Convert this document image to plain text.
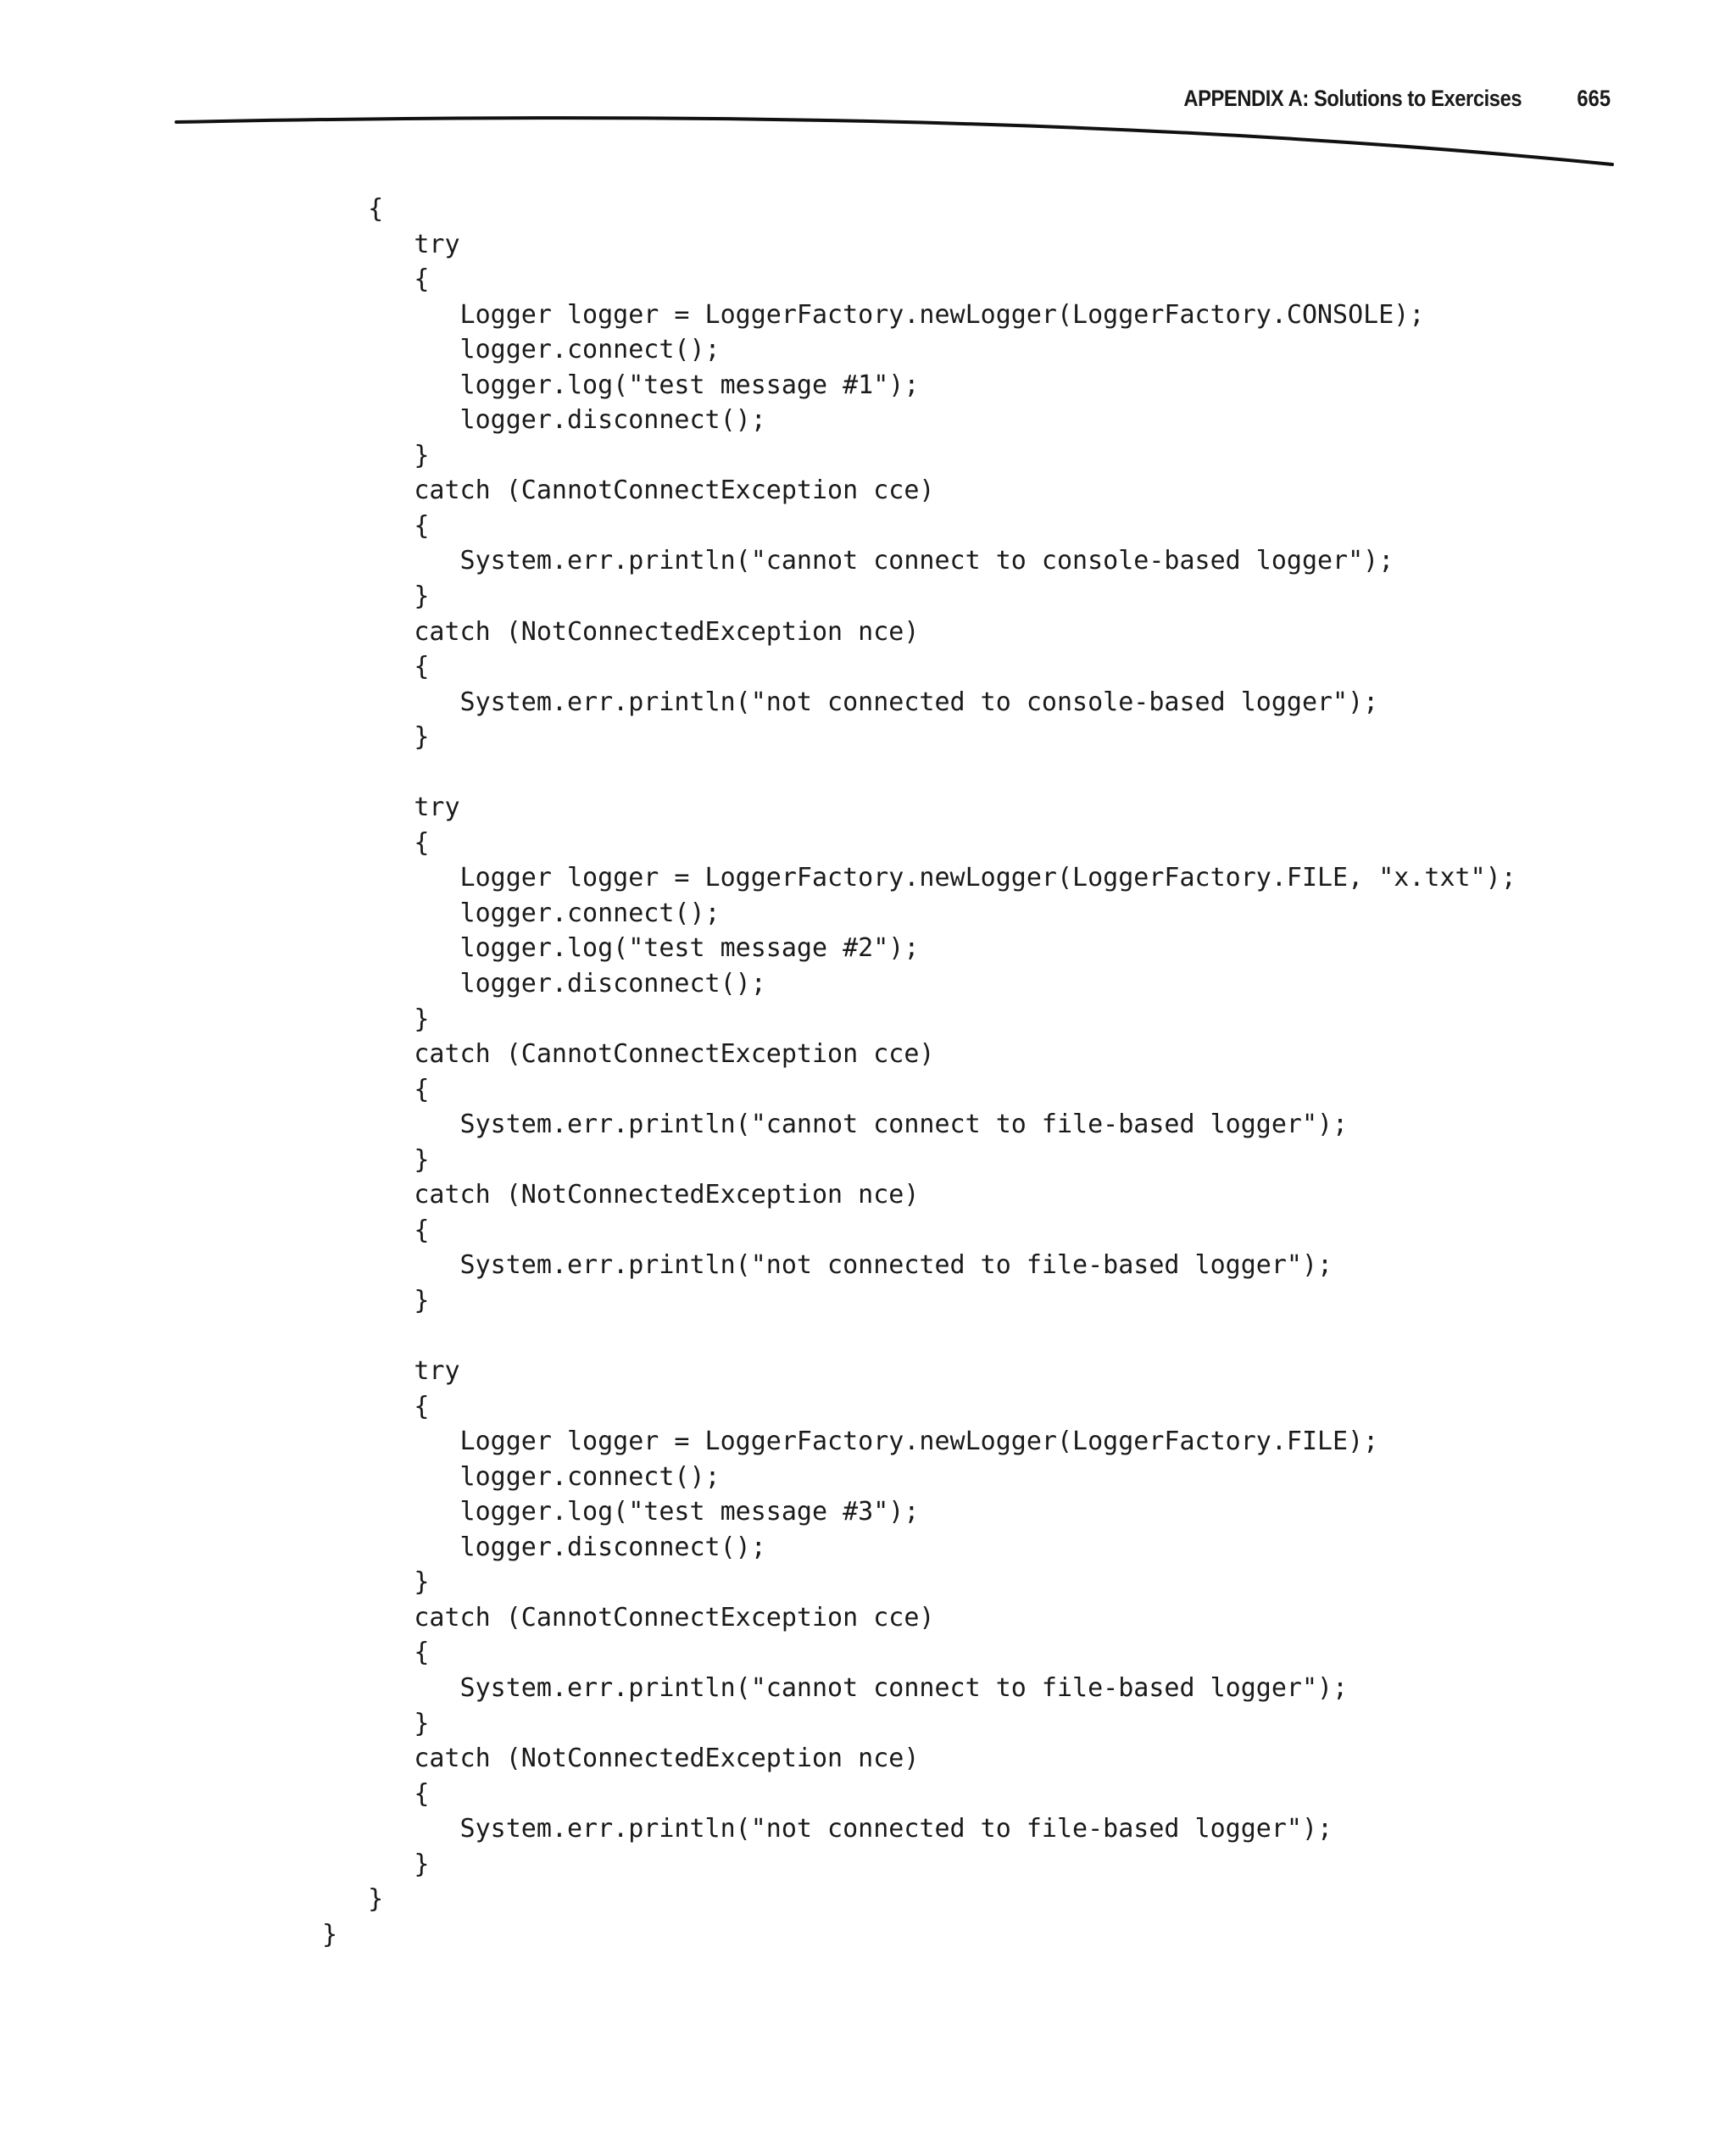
APPENDIX A: Solutions to Exercises 665
{
try
{
Logger logger = LoggerFactory.newLogger(LoggerFactory.CONSOLE);
logger.connect();
logger.log("test message #1");
logger.disconnect();
}
catch (CannotConnectException cce)
{
System.err.println("cannot connect to console-based logger");
}
catch (NotConnectedException nce)
{
System.err.println("not connected to console-based logger");
}
try
{
Logger logger = LoggerFactory.newLogger(LoggerFactory.FILE, "x.txt");
logger.connect();
logger.log("test message #2");
logger.disconnect();
}
catch (CannotConnectException cce)
{
System.err.println("cannot connect to file-based logger");
}
catch (NotConnectedException nce)
{
System.err.println("not connected to file-based logger");
}
try
{
Logger logger = LoggerFactory.newLogger(LoggerFactory.FILE);
logger.connect();
logger.log("test message #3");
logger.disconnect();
}
catch (CannotConnectException cce)
{
System.err.println("cannot connect to file-based logger");
}
catch (NotConnectedException nce)
{
System.err.println("not connected to file-based logger");
}
}
}
